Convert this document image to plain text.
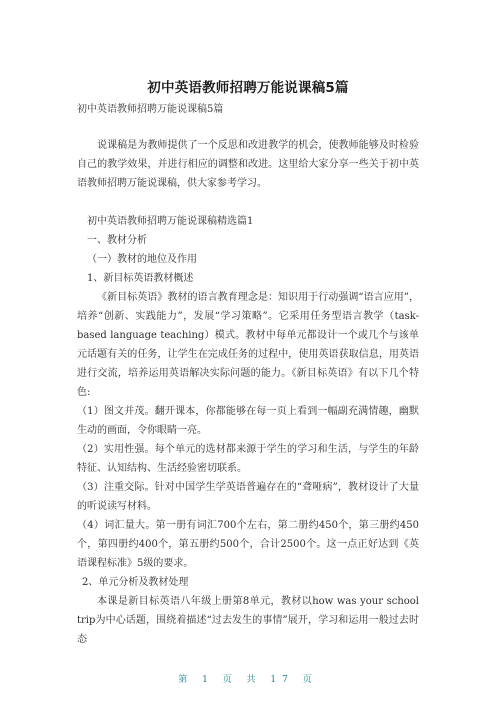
初中英语教师招聘万能说课稿5篇
初中英语教师招聘万能说课稿5篇

说课稿是为教师提供了一个反思和改进教学的机会，使教师能够及时检验自己的教学效果，并进行相应的调整和改进。这里给大家分享一些关于初中英语教师招聘万能说课稿，供大家参考学习。

初中英语教师招聘万能说课稿精选篇1

一、教材分析

（一）教材的地位及作用

1、新目标英语教材概述

《新目标英语》教材的语言教育理念是：知识用于行动强调“语言应用”，培养“创新、实践能力”，发展“学习策略”。它采用任务型语言教学（task-based language teaching）模式。教材中每单元都设计一个或几个与该单元话题有关的任务，让学生在完成任务的过程中，使用英语获取信息，用英语进行交流，培养运用英语解决实际问题的能力。《新目标英语》有以下几个特色:

（1）图文并茂。翻开课本，你都能够在每一页上看到一幅副充满情趣，幽默生动的画面，令你眼睛一亮。

（2）实用性强。每个单元的选材都来源于学生的学习和生活，与学生的年龄特征、认知结构、生活经验密切联系。

（3）注重交际。针对中国学生学英语普遍存在的“聋哑病”，教材设计了大量的听说读写材料。

（4）词汇量大。第一册有词汇700个左右，第二册约450个，第三册约450个，第四册约400个，第五册约500个，合计2500个。这一点正好达到《英语课程标准》5级的要求。

2、单元分析及教材处理

本课是新目标英语八年级上册第8单元，教材以how was your school trip为中心话题，围绕着描述“过去发生的事情”展开，学习和运用一般过去时态

第 1 页 共 17 页
